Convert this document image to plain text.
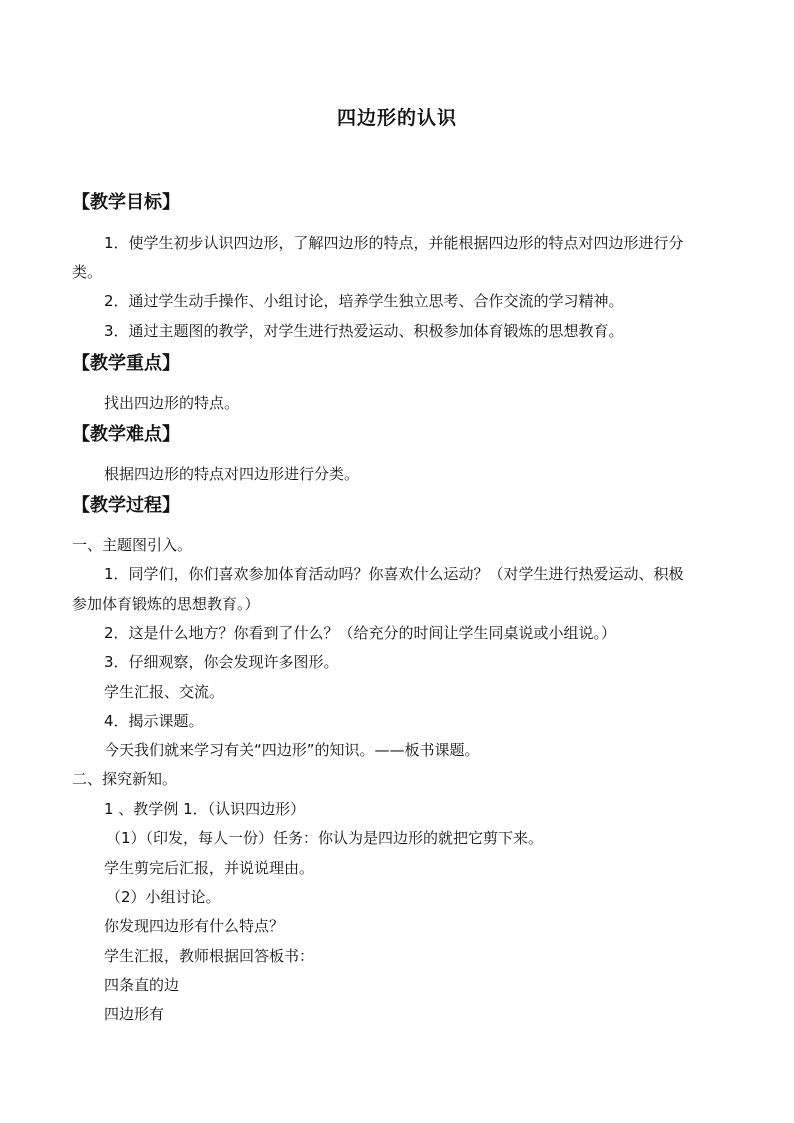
四边形的认识
【教学目标】
1．使学生初步认识四边形，了解四边形的特点，并能根据四边形的特点对四边形进行分
类。
2．通过学生动手操作、小组讨论，培养学生独立思考、合作交流的学习精神。
3．通过主题图的教学，对学生进行热爱运动、积极参加体育锻炼的思想教育。
【教学重点】
找出四边形的特点。
【教学难点】
根据四边形的特点对四边形进行分类。
【教学过程】
一、主题图引入。
1．同学们，你们喜欢参加体育活动吗？你喜欢什么运动？（对学生进行热爱运动、积极
参加体育锻炼的思想教育。）
2．这是什么地方？你看到了什么？（给充分的时间让学生同桌说或小组说。）
3．仔细观察，你会发现许多图形。
学生汇报、交流。
4．揭示课题。
今天我们就来学习有关“四边形”的知识。——板书课题。
二、探究新知。
1 、教学例 1．（认识四边形）
（1）（印发，每人一份）任务：你认为是四边形的就把它剪下来。
学生剪完后汇报，并说说理由。
（2）小组讨论。
你发现四边形有什么特点？
学生汇报，教师根据回答板书：
四条直的边
四边形有
